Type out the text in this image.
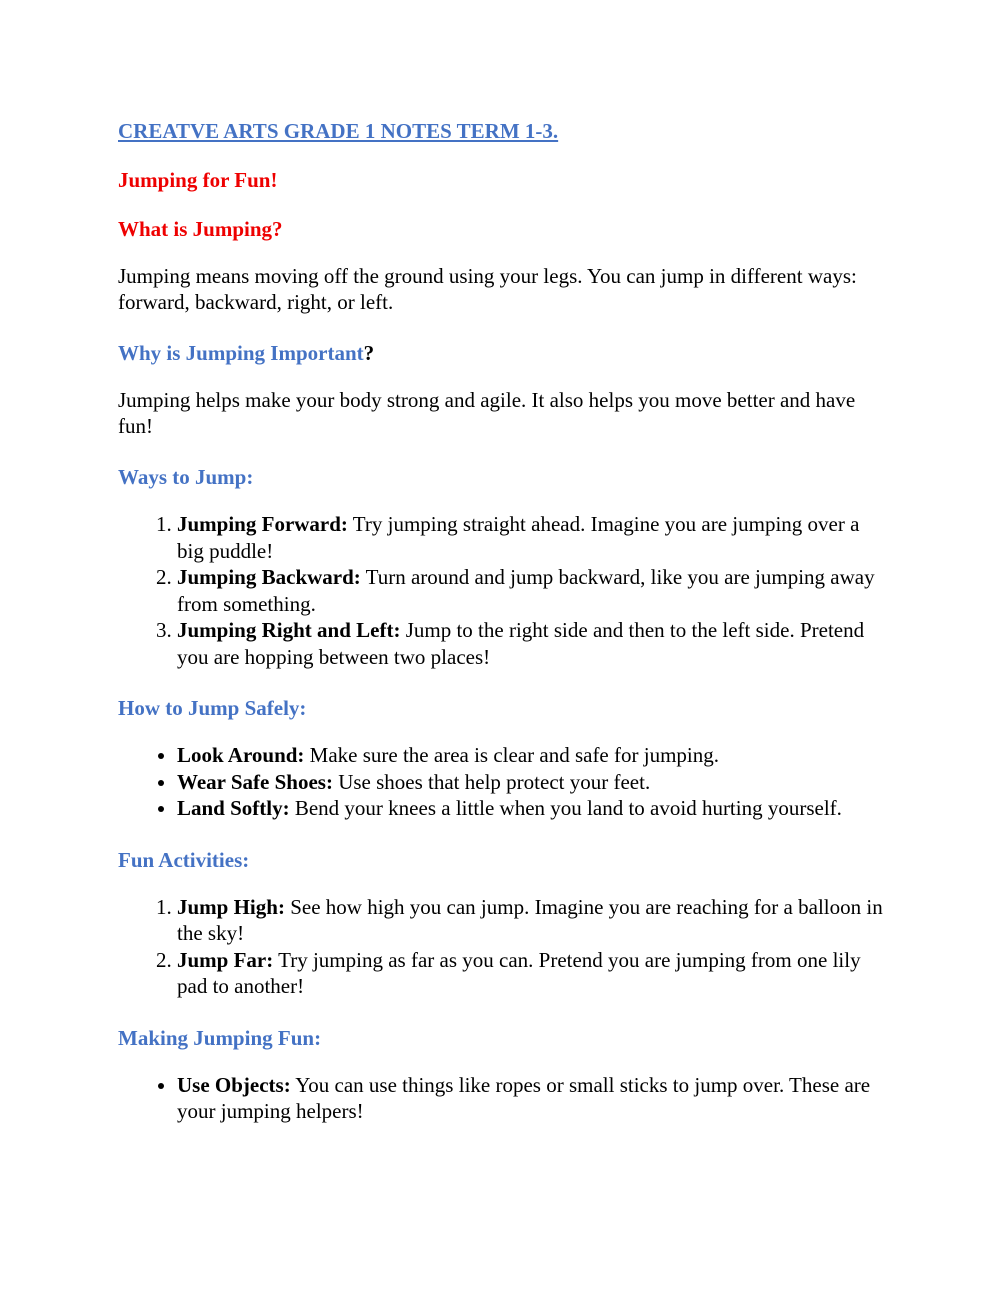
CREATVE ARTS GRADE 1 NOTES TERM 1-3.
Jumping for Fun!
What is Jumping?

Jumping means moving off the ground using your legs. You can jump in different ways: forward, backward, right, or left.

Why is Jumping Important?

Jumping helps make your body strong and agile. It also helps you move better and have fun!

Ways to Jump:
1. Jumping Forward: Try jumping straight ahead. Imagine you are jumping over a big puddle!
2. Jumping Backward: Turn around and jump backward, like you are jumping away from something.
3. Jumping Right and Left: Jump to the right side and then to the left side. Pretend you are hopping between two places!
How to Jump Safely:
• Look Around: Make sure the area is clear and safe for jumping.
• Wear Safe Shoes: Use shoes that help protect your feet.
• Land Softly: Bend your knees a little when you land to avoid hurting yourself.
Fun Activities:
1. Jump High: See how high you can jump. Imagine you are reaching for a balloon in the sky!
2. Jump Far: Try jumping as far as you can. Pretend you are jumping from one lily pad to another!
Making Jumping Fun:
• Use Objects: You can use things like ropes or small sticks to jump over. These are your jumping helpers!
